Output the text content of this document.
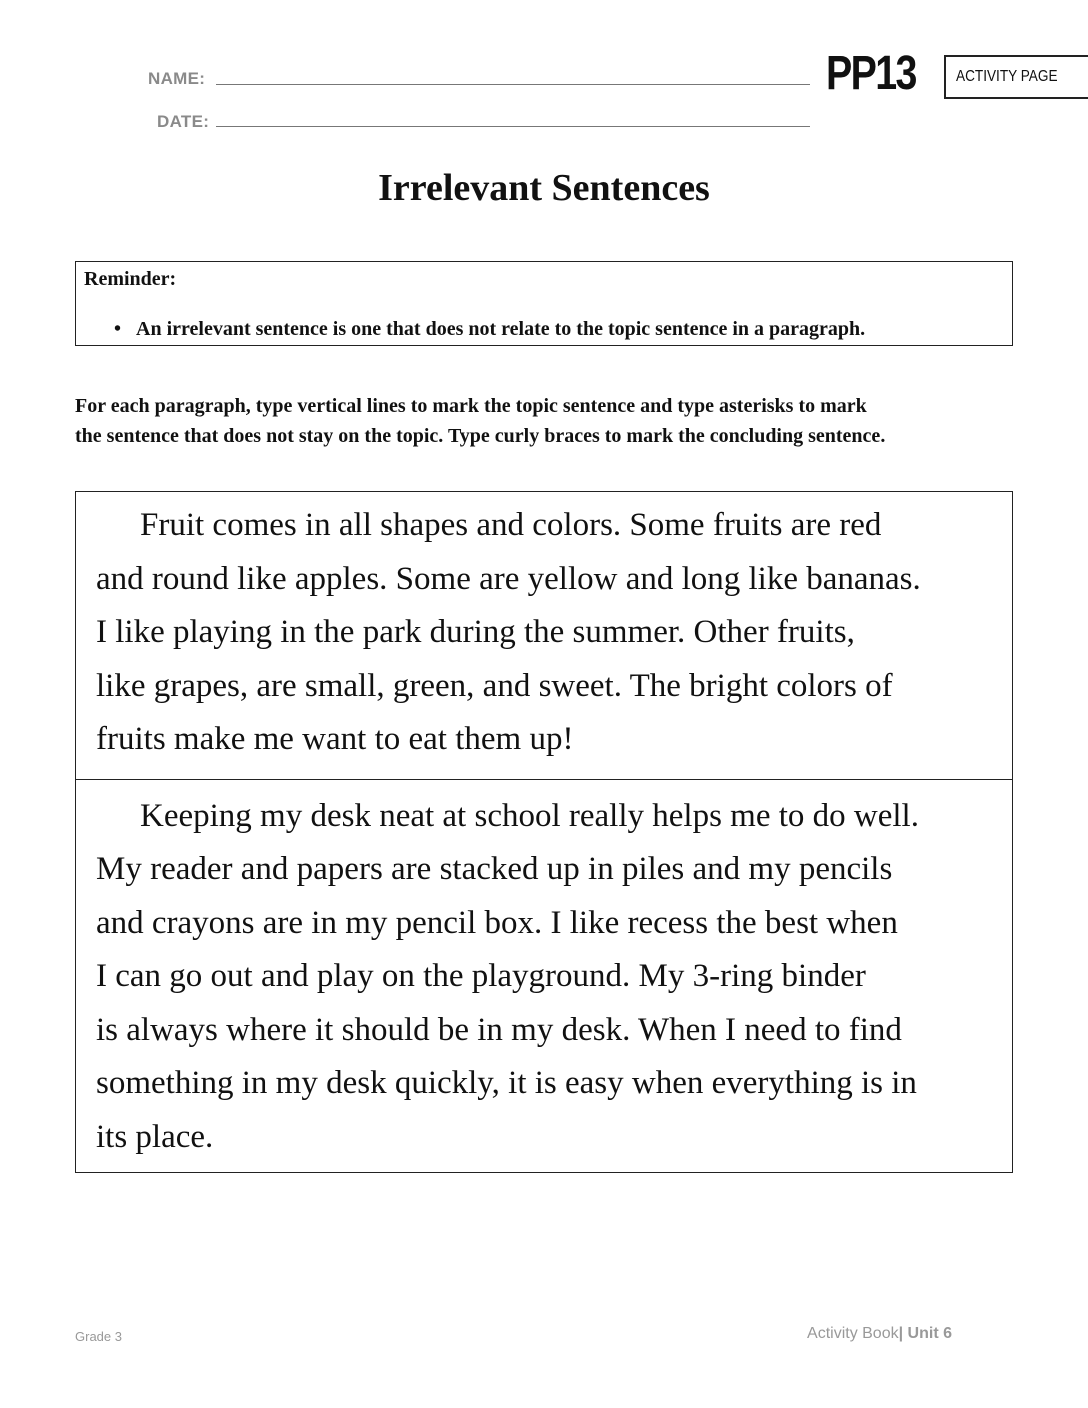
NAME:
DATE:
PP13	ACTIVITY PAGE
Irrelevant Sentences
Reminder:
• An irrelevant sentence is one that does not relate to the topic sentence in a paragraph.
For each paragraph, type vertical lines to mark the topic sentence and type asterisks to mark
the sentence that does not stay on the topic. Type curly braces to mark the concluding sentence.
Fruit comes in all shapes and colors. Some fruits are red
and round like apples. Some are yellow and long like bananas.
I like playing in the park during the summer. Other fruits,
like grapes, are small, green, and sweet. The bright colors of
fruits make me want to eat them up!
Keeping my desk neat at school really helps me to do well.
My reader and papers are stacked up in piles and my pencils
and crayons are in my pencil box. I like recess the best when
I can go out and play on the playground. My 3-ring binder
is always where it should be in my desk. When I need to find
something in my desk quickly, it is easy when everything is in
its place.
Grade 3	Activity Book| Unit 6
